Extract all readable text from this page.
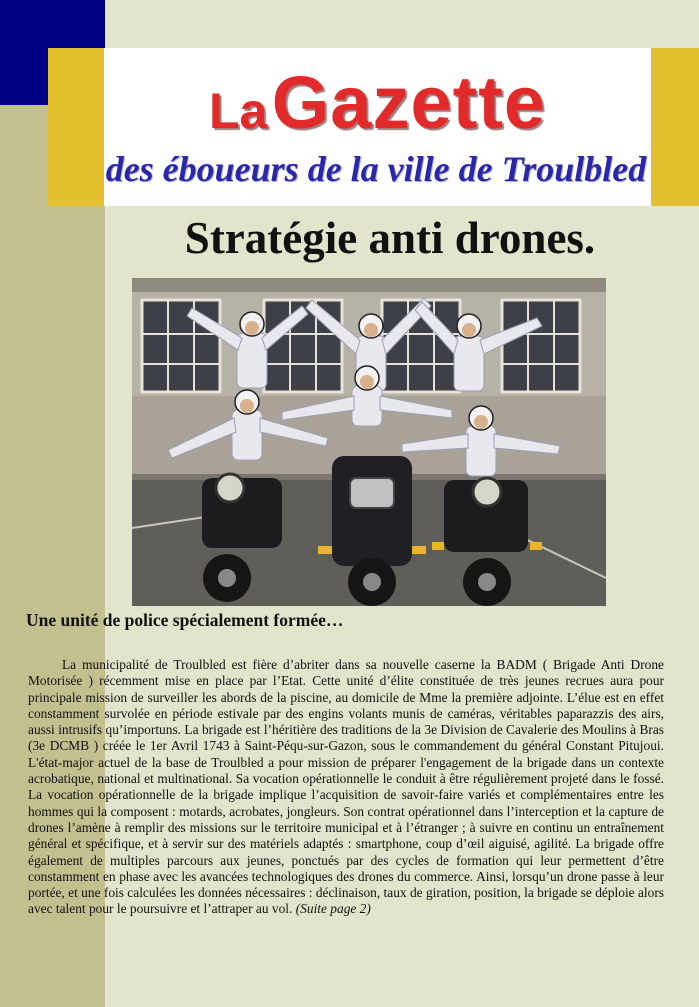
La Gazette
des éboueurs de la ville de Troulbled
Stratégie anti drones.
Une unité de police spécialement formée…

La municipalité de Troulbled est fière d’abriter dans sa nouvelle caserne la BADM ( Brigade Anti Drone Motorisée ) récemment mise en place par l’Etat. Cette unité d’élite constituée de très jeunes recrues aura pour principale mission de surveiller les abords de la piscine, au domicile de Mme la première adjointe. L’élue est en effet constamment survolée en période estivale par des engins volants munis de caméras, véritables paparazzis des airs, aussi intrusifs qu’importuns. La brigade est l’héritière des traditions de la 3e Division de Cavalerie des Moulins à Bras (3e DCMB ) créée le 1er Avril 1743 à Saint-Péqu-sur-Gazon, sous le commandement du général Constant Pitujoui. L'état-major actuel de la base de Troulbled a pour mission de préparer l'engagement de la brigade dans un contexte acrobatique, national et multinational. Sa vocation opérationnelle le conduit à être régulièrement projeté dans le fossé. La vocation opérationnelle de la brigade implique l’acquisition de savoir-faire variés et complémentaires entre les hommes qui la composent : motards, acrobates, jongleurs. Son contrat opérationnel dans l’interception et la capture de drones l’amène à remplir des missions sur le territoire municipal et à l’étranger ; à suivre en continu un entraînement général et spécifique, et à servir sur des matériels adaptés : smartphone, coup d’œil aiguisé, agilité. La brigade offre également de multiples parcours aux jeunes, ponctués par des cycles de formation qui leur permettent d’être constamment en phase avec les avancées technologiques des drones du commerce. Ainsi, lorsqu’un drone passe à leur portée, et une fois calculées les données nécessaires : déclinaison, taux de giration, position, la brigade se déploie alors avec talent pour le poursuivre et l’attraper au vol. (Suite page 2)
